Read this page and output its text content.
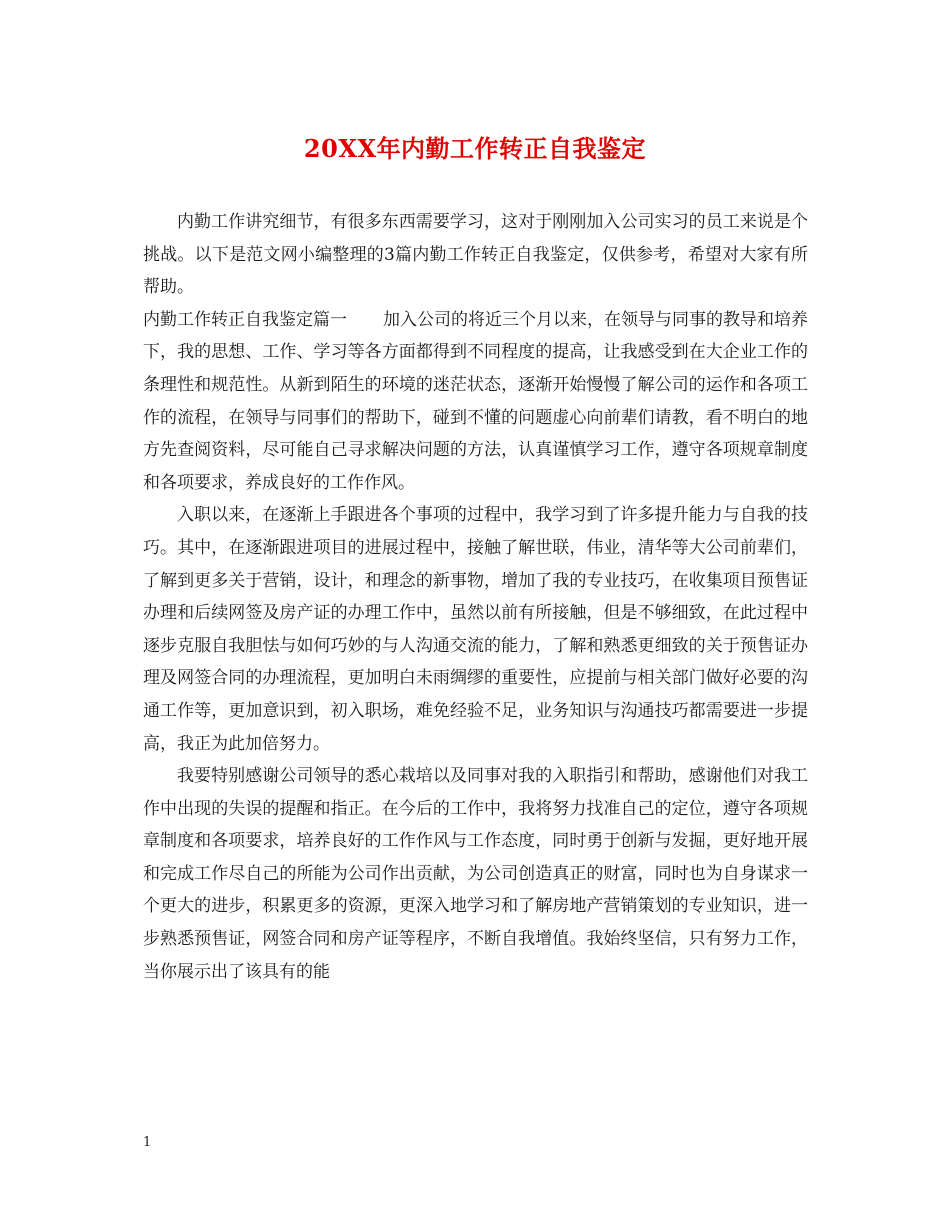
20XX年内勤工作转正自我鉴定

内勤工作讲究细节，有很多东西需要学习，这对于刚刚加入公司实习的员工来说是个挑战。以下是范文网小编整理的3篇内勤工作转正自我鉴定，仅供参考，希望对大家有所帮助。

内勤工作转正自我鉴定篇一 加入公司的将近三个月以来，在领导与同事的教导和培养下，我的思想、工作、学习等各方面都得到不同程度的提高，让我感受到在大企业工作的条理性和规范性。从新到陌生的环境的迷茫状态，逐渐开始慢慢了解公司的运作和各项工作的流程，在领导与同事们的帮助下，碰到不懂的问题虚心向前辈们请教，看不明白的地方先查阅资料，尽可能自己寻求解决问题的方法，认真谨慎学习工作，遵守各项规章制度和各项要求，养成良好的工作作风。

入职以来，在逐渐上手跟进各个事项的过程中，我学习到了许多提升能力与自我的技巧。其中，在逐渐跟进项目的进展过程中，接触了解世联，伟业，清华等大公司前辈们，了解到更多关于营销，设计，和理念的新事物，增加了我的专业技巧，在收集项目预售证办理和后续网签及房产证的办理工作中，虽然以前有所接触，但是不够细致，在此过程中逐步克服自我胆怯与如何巧妙的与人沟通交流的能力，了解和熟悉更细致的关于预售证办理及网签合同的办理流程，更加明白未雨绸缪的重要性，应提前与相关部门做好必要的沟通工作等，更加意识到，初入职场，难免经验不足，业务知识与沟通技巧都需要进一步提高，我正为此加倍努力。

我要特别感谢公司领导的悉心栽培以及同事对我的入职指引和帮助，感谢他们对我工作中出现的失误的提醒和指正。在今后的工作中，我将努力找准自己的定位，遵守各项规章制度和各项要求，培养良好的工作作风与工作态度，同时勇于创新与发掘，更好地开展和完成工作尽自己的所能为公司作出贡献，为公司创造真正的财富，同时也为自身谋求一个更大的进步，积累更多的资源，更深入地学习和了解房地产营销策划的专业知识，进一步熟悉预售证，网签合同和房产证等程序，不断自我增值。我始终坚信，只有努力工作，当你展示出了该具有的能

1
